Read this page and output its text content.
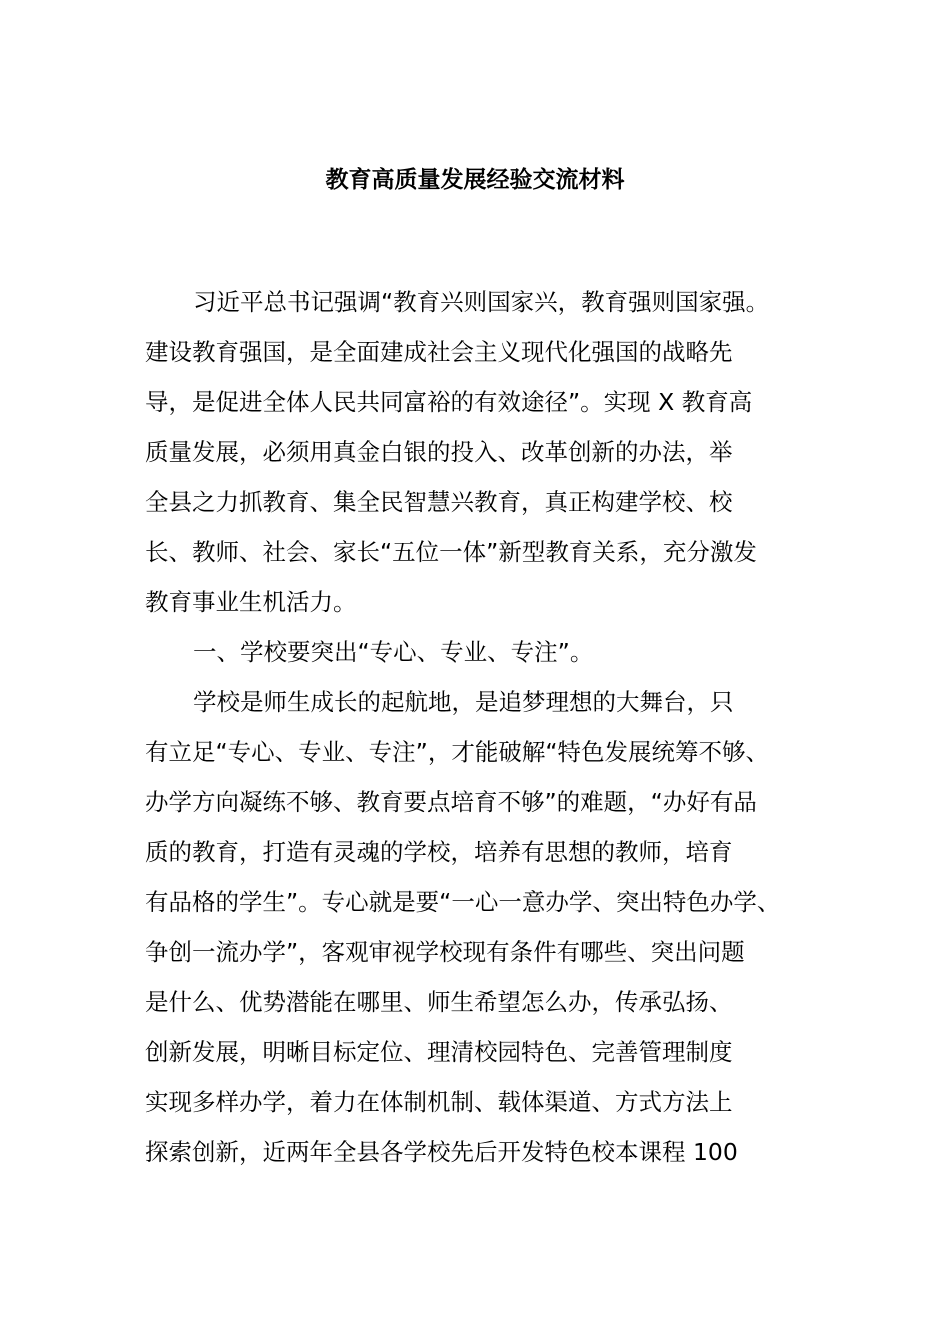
教育高质量发展经验交流材料

习近平总书记强调“教育兴则国家兴，教育强则国家强。

建设教育强国，是全面建成社会主义现代化强国的战略先

导，是促进全体人民共同富裕的有效途径”。实现 X 教育高

质量发展，必须用真金白银的投入、改革创新的办法，举

全县之力抓教育、集全民智慧兴教育，真正构建学校、校

长、教师、社会、家长“五位一体”新型教育关系，充分激发

教育事业生机活力。

一、学校要突出“专心、专业、专注”。

学校是师生成长的起航地，是追梦理想的大舞台，只

有立足“专心、专业、专注”，才能破解“特色发展统筹不够、

办学方向凝练不够、教育要点培育不够”的难题，“办好有品

质的教育，打造有灵魂的学校，培养有思想的教师，培育

有品格的学生”。专心就是要“一心一意办学、突出特色办学、

争创一流办学”，客观审视学校现有条件有哪些、突出问题

是什么、优势潜能在哪里、师生希望怎么办，传承弘扬、

创新发展，明晰目标定位、理清校园特色、完善管理制度

实现多样办学，着力在体制机制、载体渠道、方式方法上

探索创新，近两年全县各学校先后开发特色校本课程 100
